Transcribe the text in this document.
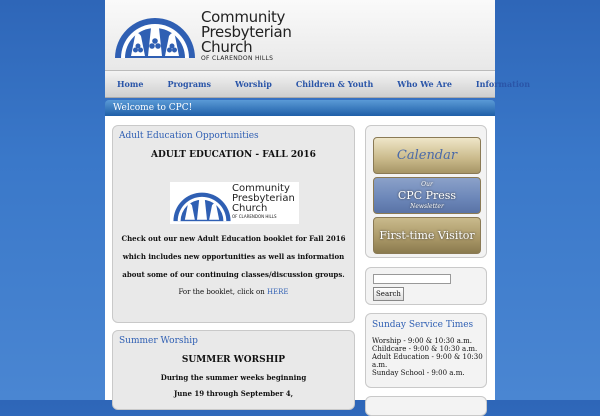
Community
Presbyterian
Church
OF CLARENDON HILLS
Home	Programs	Worship	Children & Youth	Who We Are	Information
Welcome to CPC!
Adult Education Opportunities
ADULT EDUCATION - FALL 2016
Community
Presbyterian
Church
OF CLARENDON HILLS
Check out our new Adult Education booklet for Fall 2016
which includes new opportunities as well as information
about some of our continuing classes/discussion groups.
For the booklet, click on HERE
Summer Worship
SUMMER WORSHIP
During the summer weeks beginning
June 19 through September 4,
Calendar
Our
CPC Press
Newsletter
First-time Visitor
Search
Sunday Service Times
Worship - 9:00 & 10:30 a.m.
Childcare - 9:00 & 10:30 a.m.
Adult Education - 9:00 & 10:30 a.m.
Sunday School - 9:00 a.m.
